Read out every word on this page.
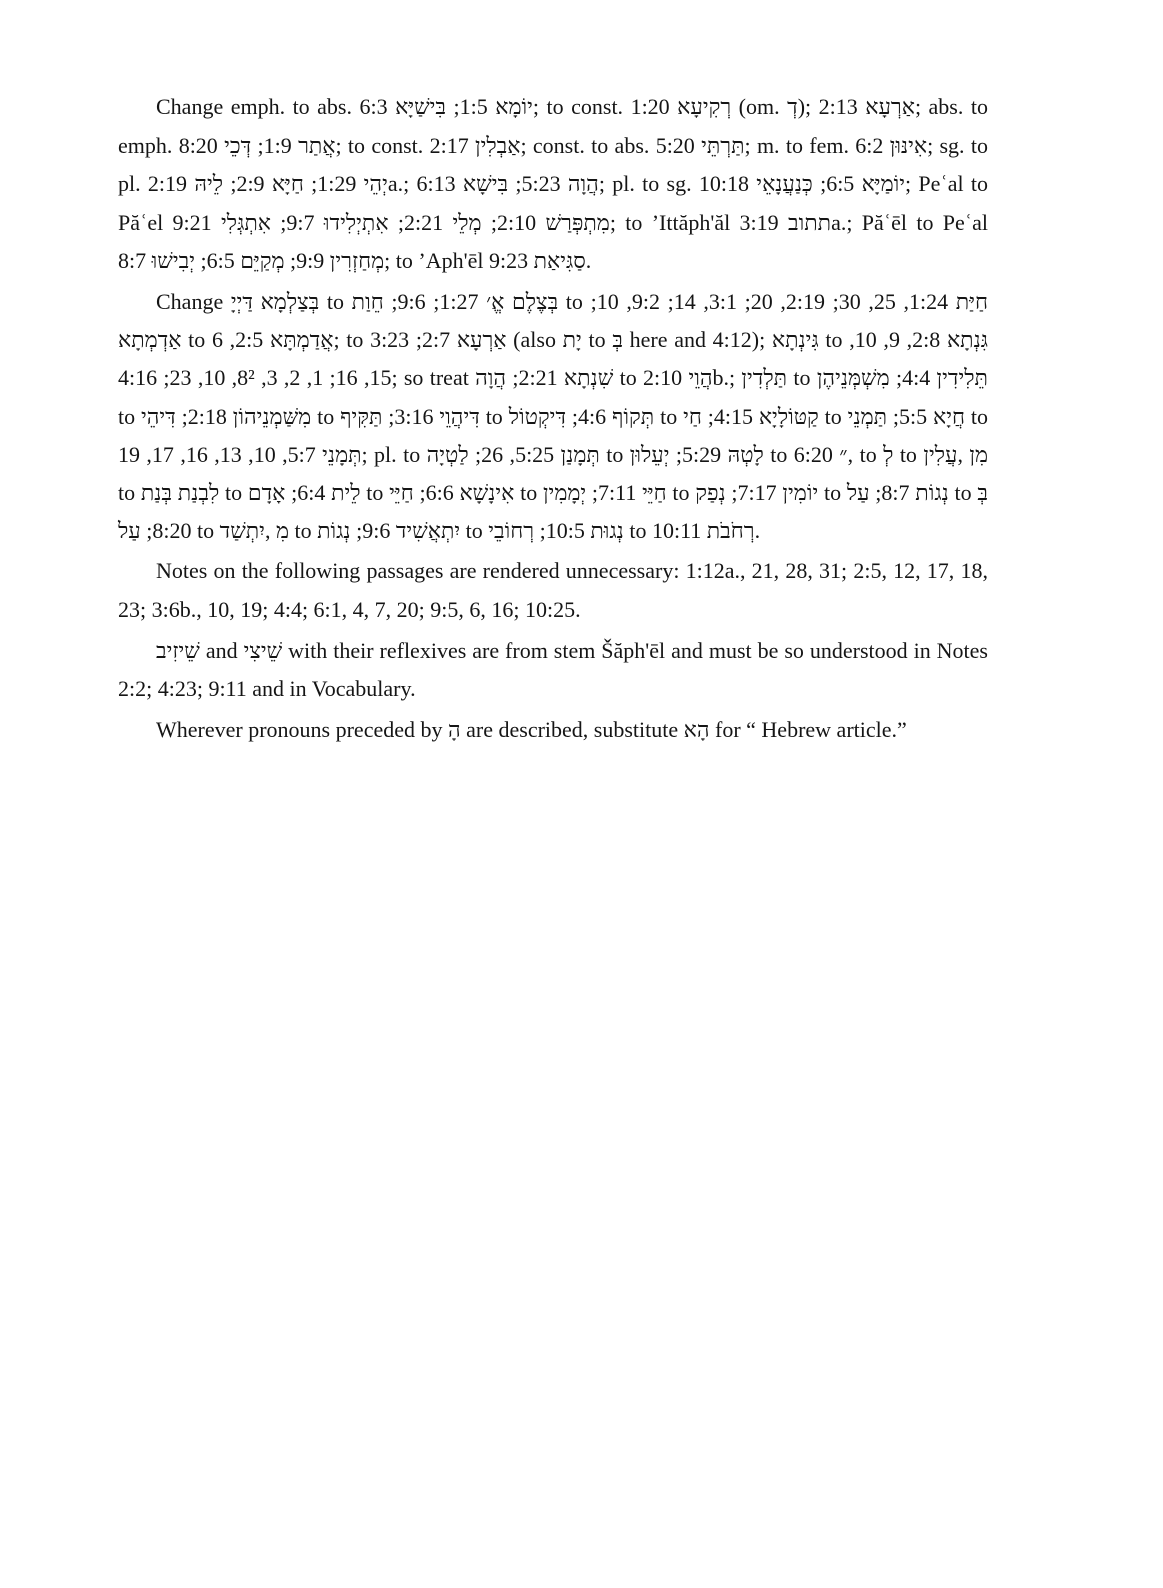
Change emph. to abs. יוֹמָא 1:5; בִּישַׁיָּא 6:3; to const. רְקִיעָא 1:20 (om. דְ); אַרְעָא 2:13; abs. to emph. אֲתַר 1:9; דְּכֵי 8:20; to const. אַבְלִין 2:17; const. to abs. תַּרְתֵּי 5:20; m. to fem. אִינּוּן 6:2; sg. to pl. יְהֵי 1:29; חַיָּא 2:9; לֵיהּ 2:19a.; הֲוָה 5:23; בִּישָׁא 6:13; pl. to sg. יוֹמַיָּא 6:5; כְּנַעֲנָאֵי 10:18; Peʿal to Păʿel מִתְפְּרַשׁ 2:10; מְלֵי 2:21; אִתְיְלִידוּ 9:7; אִתְגְּלִי 9:21; to ’Ittăph'ăl תתוב 3:19a.; Păʿēl to Peʿal מְחַזְרִין 9:9; מְקַיֵּם 6:5; יְבִישׁוּ 8:7; to ’Aph'ēl סַגִּיאַת 9:23.

Change בְּצַלְמָא דַּיְיָ to בְּצֶלֶם אֱ׳ 1:27; 9:6; חֵוַת to חַיַּת 1:24, 25, 30; 2:19, 20; 3:1, 14; 9:2, 10; אַדְמְתָא to אֲדַמְתָּא 2:5, 6; to אַרְעָא 2:7; 3:23 (also יָת to בְּ here and 4:12); גִּינְתָא to גִּנְתָא 2:8, 9, 10, 15, 16; 1, 2, 3, 8², 10, 23; 4:16; so treat שִׁנְתָא 2:21; הֲוָה to הֲוֵי 2:10b.; תַּלְדִין to תֵּלִידִין 4:4; מִשְׁמְּנֵיהֶן to מִשַּׁמְנֵיהוֹן 2:18; דִּיהֵי to דִּיהֲוֵי 3:16; תַּקִּיף to תְּקוֹף 4:6; דִּיקְטוֹל to קַטּוֹלָיָא 4:15; חַי to חֲיָא 5:5; תַּמְנֵי to תְּמָנֵי 5:7, 10, 13, 16, 17, 19; pl. to תְּמָנַן 5:25, 26; לַטְיָה to לָטְהּ 5:29; יְעֵלוּן to ״ 6:20, to לְ to מִן ,עֲלִין to לִבְנַת בְּנַת to לֵית 6:4; אָדָם to אִינָשָׁא 6:6; חַיֵּי to חַיֵּי 7:11; יְמָמִין to יוֹמִין 7:17; נְפַק to נְגוֹת 8:7; עַל to בְּ 8:20; עַל to מִ ,יִתְשַׁד to יִתְאֲשִׁיד 9:6; נְגוֹת to נְגוּת 10:5; רְחוֹבֵי to רְחֹבֹת 10:11.

Notes on the following passages are rendered unnecessary: 1:12a., 21, 28, 31; 2:5, 12, 17, 18, 23; 3:6b., 10, 19; 4:4; 6:1, 4, 7, 20; 9:5, 6, 16; 10:25.

שֵׁיזִיב and שֵׁיצִי with their reflexives are from stem Šăph'ēl and must be so understood in Notes 2:2; 4:23; 9:11 and in Vocabulary.

Wherever pronouns preceded by הָ are described, substitute הָא for “ Hebrew article.”
